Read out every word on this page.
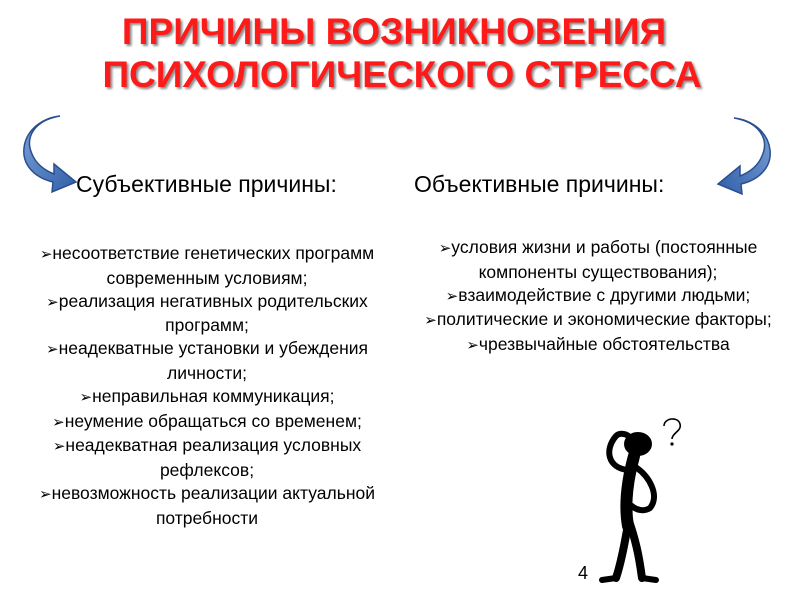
ПРИЧИНЫ ВОЗНИКНОВЕНИЯ
ПСИХОЛОГИЧЕСКОГО СТРЕССА
Субъективные причины:	Объективные причины:
➢несоответствие генетических программ современным условиям;
➢реализация негативных родительских программ;
➢неадекватные установки и убеждения личности;
➢неправильная коммуникация;
➢неумение обращаться со временем;
➢неадекватная реализация условных рефлексов;
➢невозможность реализации актуальной потребности
➢условия жизни и работы (постоянные компоненты существования);
➢взаимодействие с другими людьми;
➢политические и экономические факторы;
➢чрезвычайные обстоятельства
4
